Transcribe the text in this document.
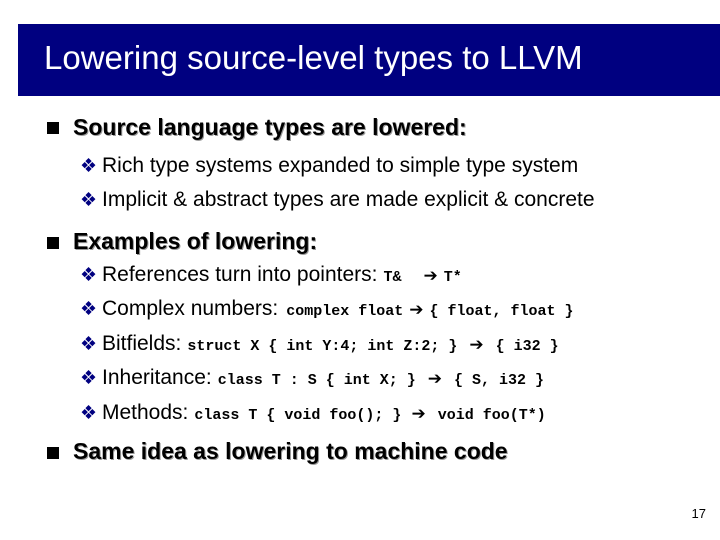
Lowering source-level types to LLVM
Source language types are lowered:
❖ Rich type systems expanded to simple type system
❖ Implicit & abstract types are made explicit & concrete
Examples of lowering:
❖ References turn into pointers: T& ➔ T*
❖ Complex numbers: complex float ➔ { float, float }
❖ Bitfields: struct X { int Y:4; int Z:2; } ➔ { i32 }
❖ Inheritance: class T : S { int X; } ➔ { S, i32 }
❖ Methods: class T { void foo(); } ➔ void foo(T*)
Same idea as lowering to machine code
17
